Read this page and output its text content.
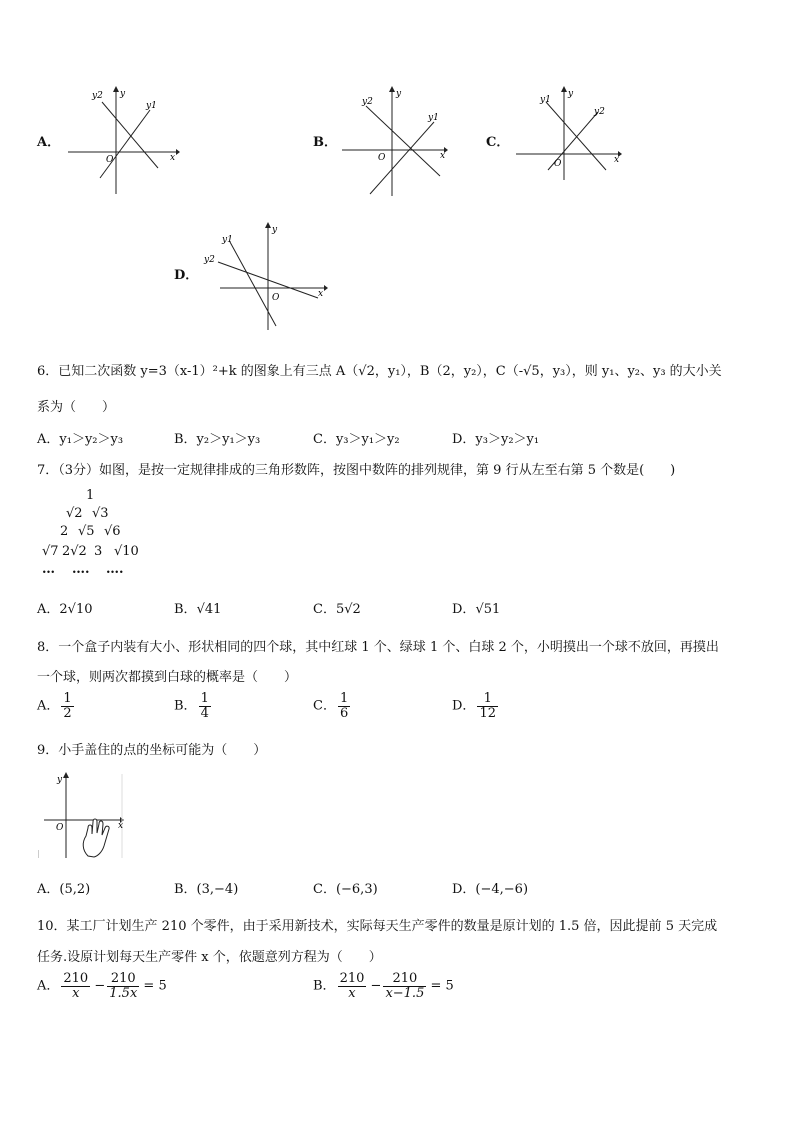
A．
y
y2
y1
O	x
B．
y
y2
y1
O	x
C．
y
y1
y2
O	x
D．
y
y1
y2
O	x
6．已知二次函数 y=3（x-1）²+k 的图象上有三点 A（√2，y₁），B（2，y₂），C（-√5，y₃），则 y₁、y₂、y₃ 的大小关
系为（　　）
A．y₁＞y₂＞y₃	B．y₂＞y₁＞y₃	C．y₃＞y₁＞y₂	D．y₃＞y₂＞y₁
7．（3分）如图，是按一定规律排成的三角形数阵，按图中数阵的排列规律，第 9 行从左至右第 5 个数是(　　)
1
√2 √3
2 √5 √6
√7 2√2 3 √10
… …. ….
A．2√10	B．√41	C．5√2	D．√51
8．一个盒子内装有大小、形状相同的四个球，其中红球 1 个、绿球 1 个、白球 2 个，小明摸出一个球不放回，再摸出
一个球，则两次都摸到白球的概率是（　　）
A． $\frac{1}{2}$	B． $\frac{1}{4}$	C． $\frac{1}{6}$	D． $\frac{1}{12}$
9．小手盖住的点的坐标可能为（　　）
y
O	x
A．(5,2)	B．(3,−4)	C．(−6,3)	D．(−4,−6)
10．某工厂计划生产 210 个零件，由于采用新技术，实际每天生产零件的数量是原计划的 1.5 倍，因此提前 5 天完成
任务.设原计划每天生产零件 x 个，依题意列方程为（　　）
A． $\frac{210}{x} - \frac{210}{1.5x} = 5$	B． $\frac{210}{x} - \frac{210}{x-1.5} = 5$
